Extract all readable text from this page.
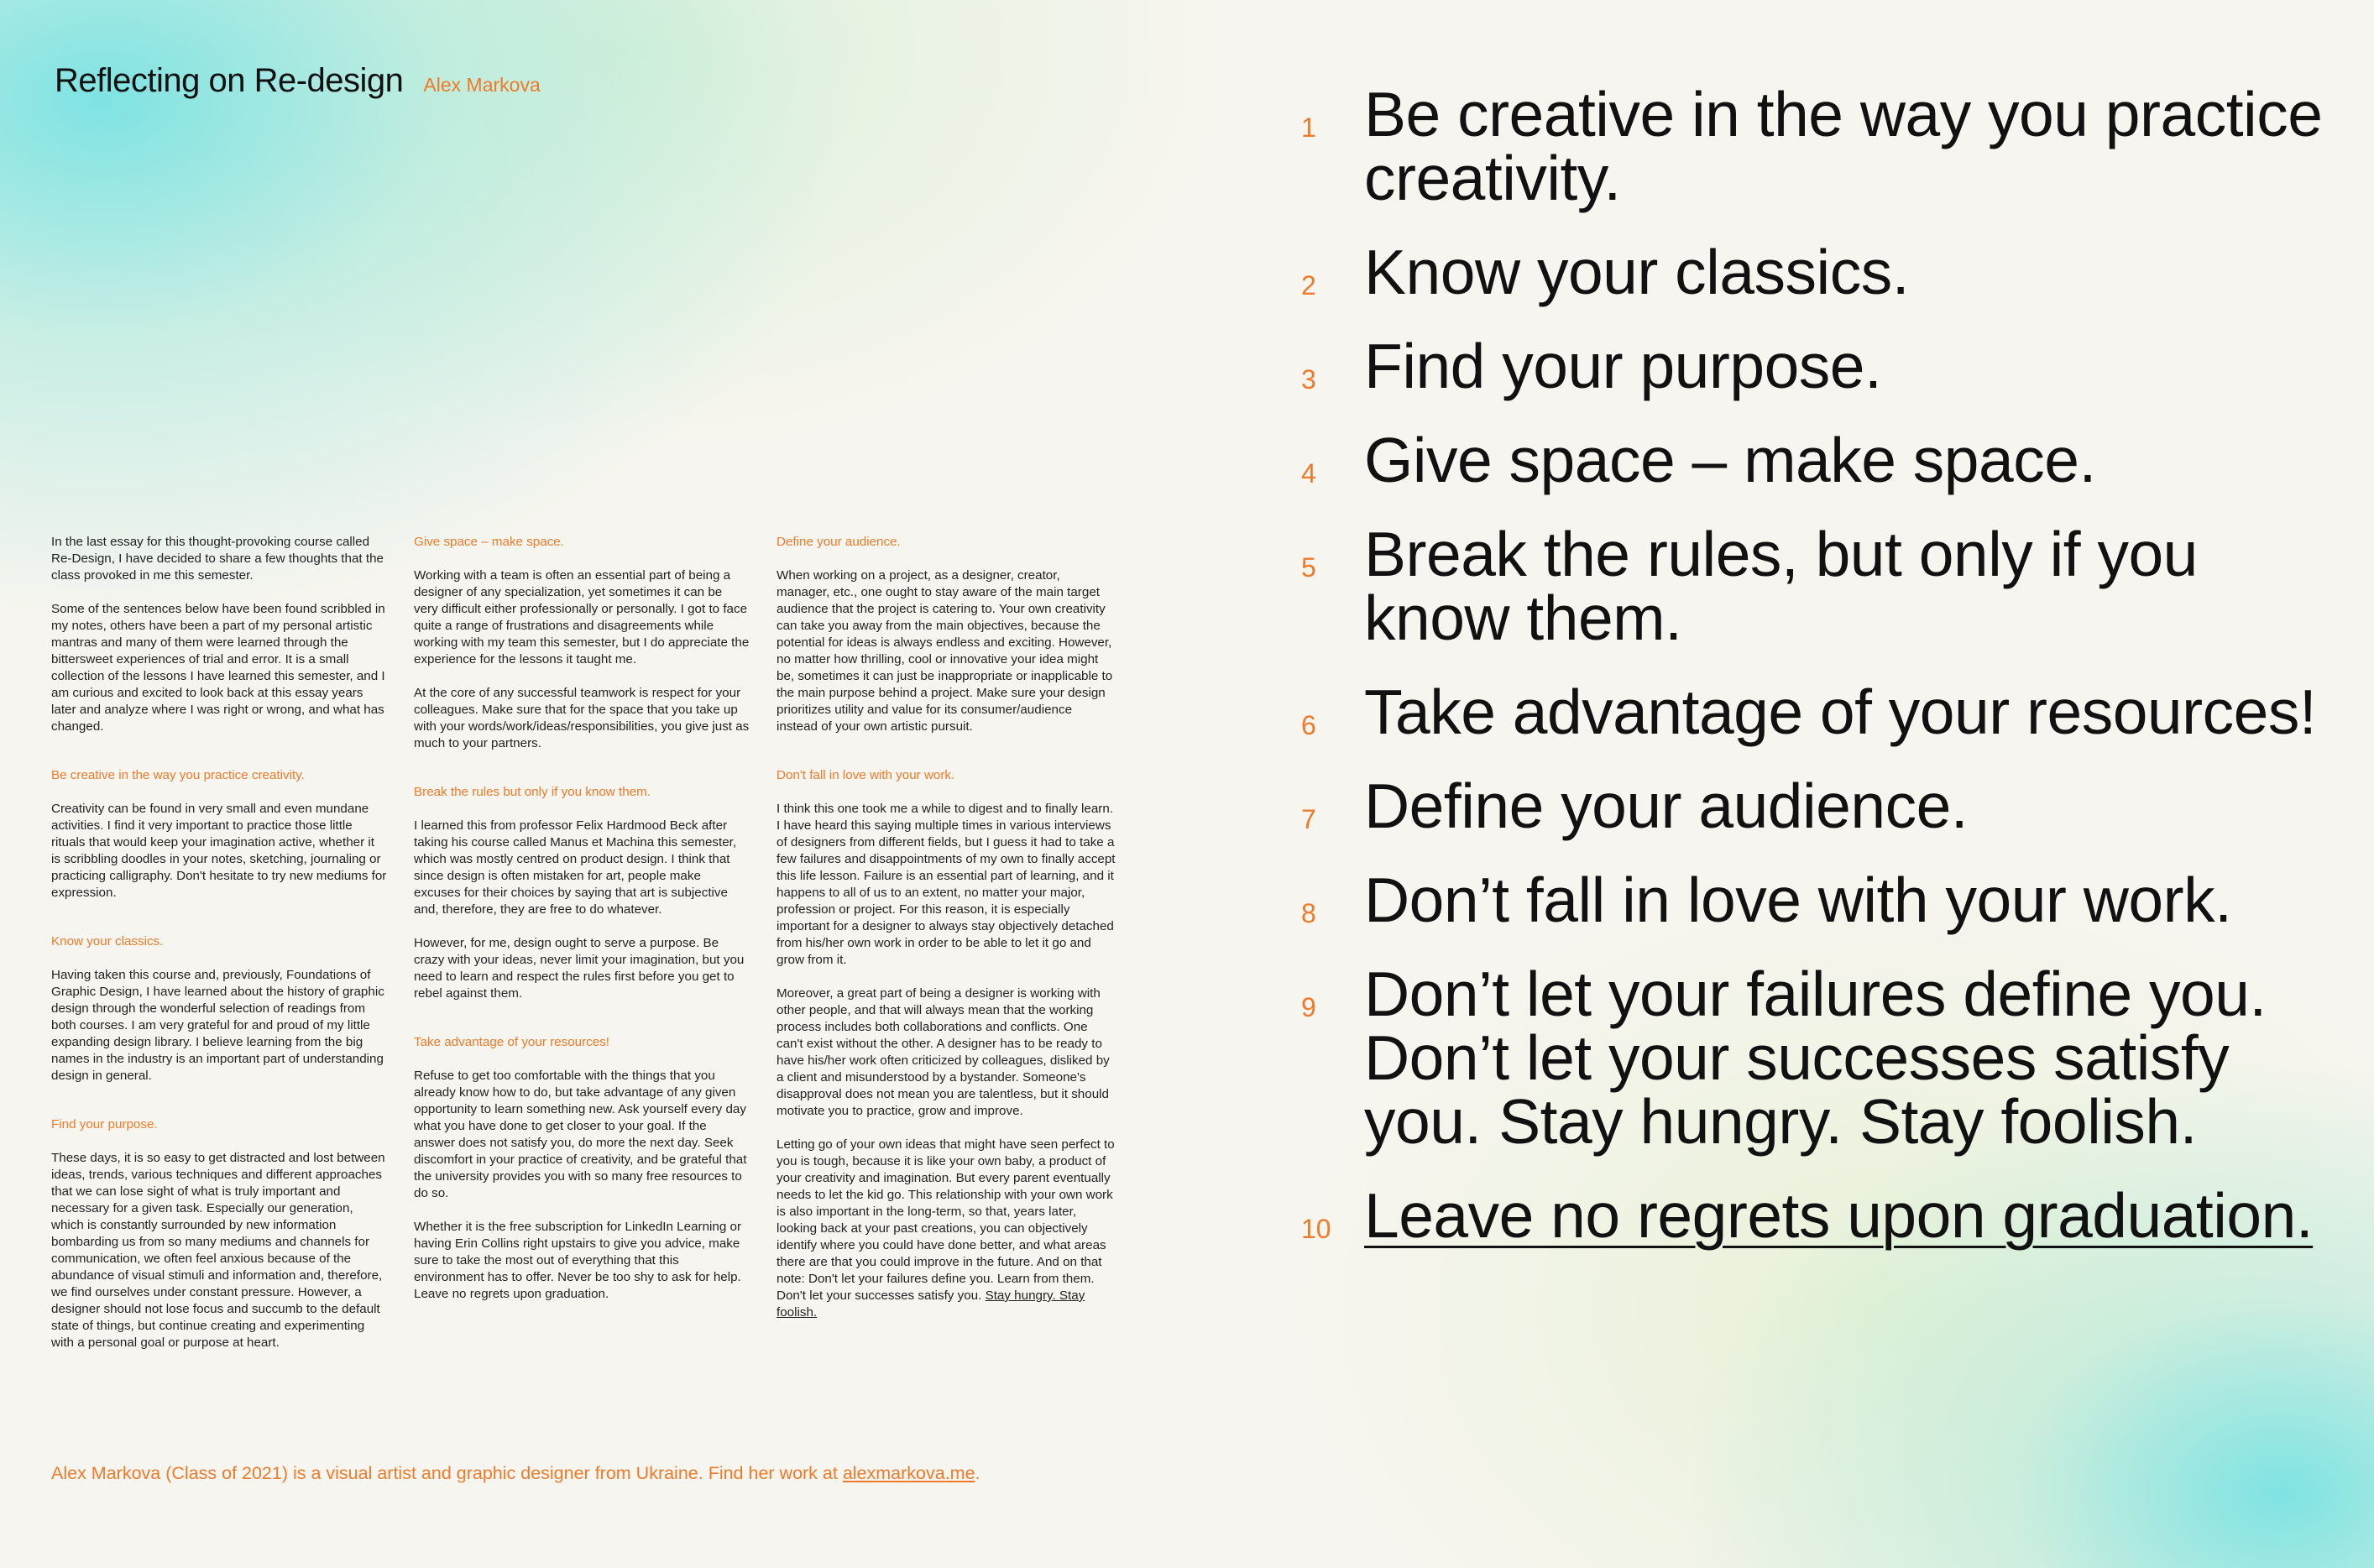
Reflecting on Re-design Alex Markova

In the last essay for this thought-provoking course called Re-Design, I have decided to share a few thoughts that the class provoked in me this semester.

Some of the sentences below have been found scribbled in my notes, others have been a part of my personal artistic mantras and many of them were learned through the bittersweet experiences of trial and error. It is a small collection of the lessons I have learned this semester, and I am curious and excited to look back at this essay years later and analyze where I was right or wrong, and what has changed.

Be creative in the way you practice creativity.

Creativity can be found in very small and even mundane activities. I find it very important to practice those little rituals that would keep your imagination active, whether it is scribbling doodles in your notes, sketching, journaling or practicing calligraphy. Don't hesitate to try new mediums for expression.

Know your classics.

Having taken this course and, previously, Foundations of Graphic Design, I have learned about the history of graphic design through the wonderful selection of readings from both courses. I am very grateful for and proud of my little expanding design library. I believe learning from the big names in the industry is an important part of understanding design in general.

Find your purpose.

These days, it is so easy to get distracted and lost between ideas, trends, various techniques and different approaches that we can lose sight of what is truly important and necessary for a given task. Especially our generation, which is constantly surrounded by new information bombarding us from so many mediums and channels for communication, we often feel anxious because of the abundance of visual stimuli and information and, therefore, we find ourselves under constant pressure. However, a designer should not lose focus and succumb to the default state of things, but continue creating and experimenting with a personal goal or purpose at heart.

Give space – make space.

Working with a team is often an essential part of being a designer of any specialization, yet sometimes it can be very difficult either professionally or personally. I got to face quite a range of frustrations and disagreements while working with my team this semester, but I do appreciate the experience for the lessons it taught me.

At the core of any successful teamwork is respect for your colleagues. Make sure that for the space that you take up with your words/work/ideas/responsibilities, you give just as much to your partners.

Break the rules but only if you know them.

I learned this from professor Felix Hardmood Beck after taking his course called Manus et Machina this semester, which was mostly centred on product design. I think that since design is often mistaken for art, people make excuses for their choices by saying that art is subjective and, therefore, they are free to do whatever.

However, for me, design ought to serve a purpose. Be crazy with your ideas, never limit your imagination, but you need to learn and respect the rules first before you get to rebel against them.

Take advantage of your resources!

Refuse to get too comfortable with the things that you already know how to do, but take advantage of any given opportunity to learn something new. Ask yourself every day what you have done to get closer to your goal. If the answer does not satisfy you, do more the next day. Seek discomfort in your practice of creativity, and be grateful that the university provides you with so many free resources to do so.

Whether it is the free subscription for LinkedIn Learning or having Erin Collins right upstairs to give you advice, make sure to take the most out of everything that this environment has to offer. Never be too shy to ask for help. Leave no regrets upon graduation.

Define your audience.

When working on a project, as a designer, creator, manager, etc., one ought to stay aware of the main target audience that the project is catering to. Your own creativity can take you away from the main objectives, because the potential for ideas is always endless and exciting. However, no matter how thrilling, cool or innovative your idea might be, sometimes it can just be inappropriate or inapplicable to the main purpose behind a project. Make sure your design prioritizes utility and value for its consumer/audience instead of your own artistic pursuit.

Don't fall in love with your work.

I think this one took me a while to digest and to finally learn. I have heard this saying multiple times in various interviews of designers from different fields, but I guess it had to take a few failures and disappointments of my own to finally accept this life lesson. Failure is an essential part of learning, and it happens to all of us to an extent, no matter your major, profession or project. For this reason, it is especially important for a designer to always stay objectively detached from his/her own work in order to be able to let it go and grow from it.

Moreover, a great part of being a designer is working with other people, and that will always mean that the working process includes both collaborations and conflicts. One can't exist without the other. A designer has to be ready to have his/her work often criticized by colleagues, disliked by a client and misunderstood by a bystander. Someone's disapproval does not mean you are talentless, but it should motivate you to practice, grow and improve.

Letting go of your own ideas that might have seen perfect to you is tough, because it is like your own baby, a product of your creativity and imagination. But every parent eventually needs to let the kid go. This relationship with your own work is also important in the long-term, so that, years later, looking back at your past creations, you can objectively identify where you could have done better, and what areas there are that you could improve in the future. And on that note: Don't let your failures define you. Learn from them. Don't let your successes satisfy you. Stay hungry. Stay foolish.

Alex Markova (Class of 2021) is a visual artist and graphic designer from Ukraine. Find her work at alexmarkova.me.
1 Be creative in the way you practice creativity.
2 Know your classics.
3 Find your purpose.
4 Give space – make space.
5 Break the rules, but only if you know them.
6 Take advantage of your resources!
7 Define your audience.
8 Don’t fall in love with your work.
9 Don’t let your failures define you. Don’t let your successes satisfy you. Stay hungry. Stay foolish.
10 Leave no regrets upon graduation.
